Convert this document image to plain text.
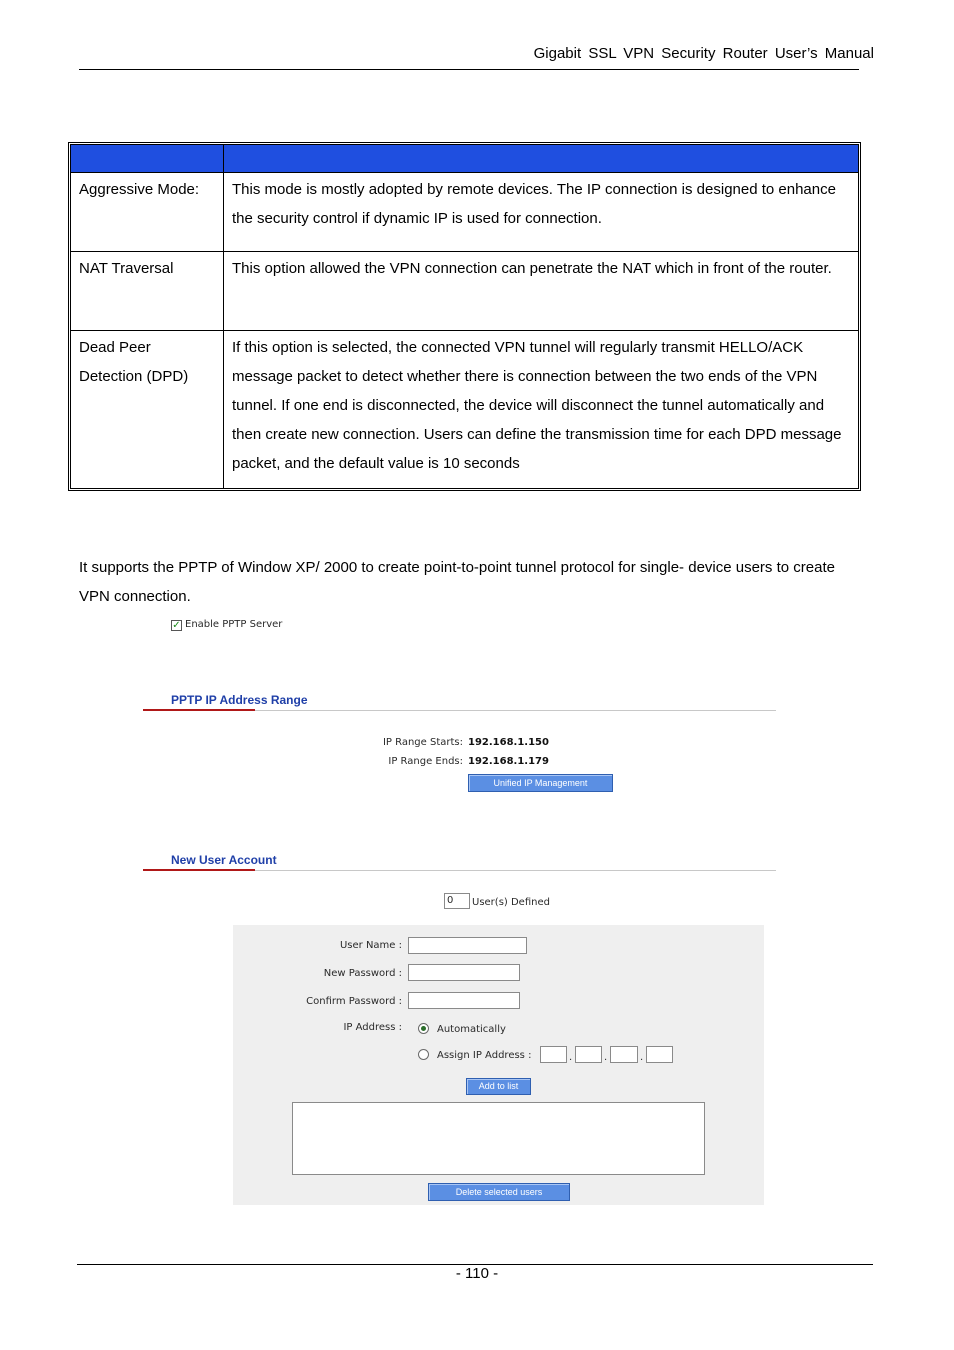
Gigabit SSL VPN Security Router User’s Manual

Aggressive Mode:	This mode is mostly adopted by remote devices. The IP connection is designed to enhance the security control if dynamic IP is used for connection.
NAT Traversal	This option allowed the VPN connection can penetrate the NAT which in front of the router.
Dead Peer Detection (DPD)	If this option is selected, the connected VPN tunnel will regularly transmit HELLO/ACK message packet to detect whether there is connection between the two ends of the VPN tunnel. If one end is disconnected, the device will disconnect the tunnel automatically and then create new connection. Users can define the transmission time for each DPD message packet, and the default value is 10 seconds
It supports the PPTP of Window XP/ 2000 to create point-to-point tunnel protocol for single- device users to create VPN connection.
✓ Enable PPTP Server
PPTP IP Address Range
IP Range Starts: 192.168.1.150
IP Range Ends: 192.168.1.179
Unified IP Management
New User Account
0	User(s) Defined
User Name :
New Password :
Confirm Password :
IP Address :	Automatically
Assign IP Address :	.	.	.
Add to list
Delete selected users
- 110 -
